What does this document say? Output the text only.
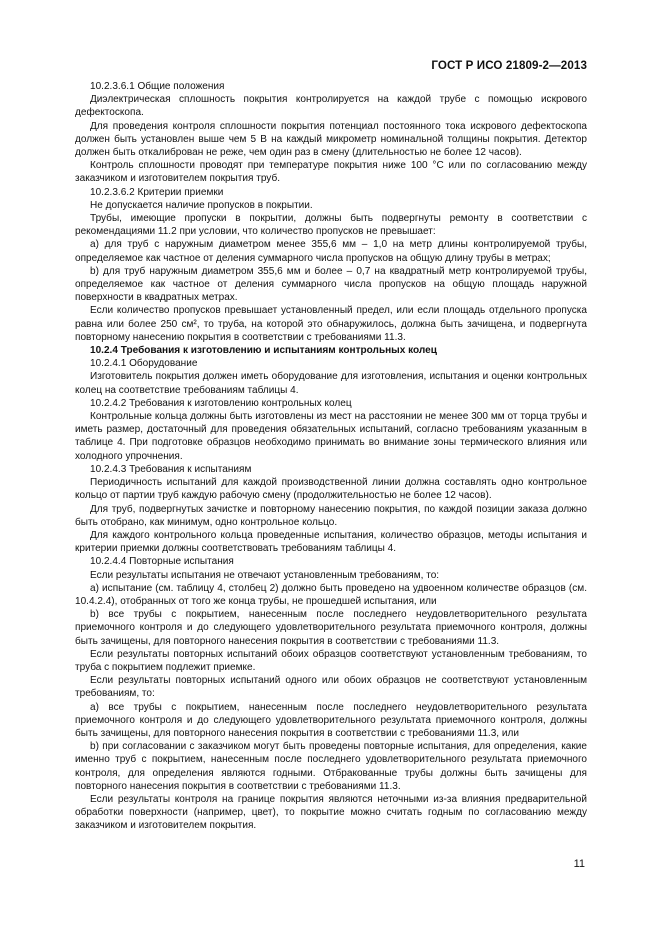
ГОСТ Р ИСО 21809-2—2013

10.2.3.6.1 Общие положения

Диэлектрическая сплошность покрытия контролируется на каждой трубе с помощью искрового дефектоскопа.

Для проведения контроля сплошности покрытия потенциал постоянного тока искрового дефектоскопа должен быть установлен выше чем 5 В на каждый микрометр номинальной толщины покрытия. Детектор должен быть откалиброван не реже, чем один раз в смену (длительностью не более 12 часов).

Контроль сплошности проводят при температуре покрытия ниже 100 °С или по согласованию между заказчиком и изготовителем покрытия труб.

10.2.3.6.2 Критерии приемки

Не допускается наличие пропусков в покрытии.

Трубы, имеющие пропуски в покрытии, должны быть подвергнуты ремонту в соответствии с рекомендациями 11.2 при условии, что количество пропусков не превышает:

a) для труб с наружным диаметром менее 355,6 мм – 1,0 на метр длины контролируемой трубы, определяемое как частное от деления суммарного числа пропусков на общую длину трубы в метрах;

b) для труб наружным диаметром 355,6 мм и более – 0,7 на квадратный метр контролируемой трубы, определяемое как частное от деления суммарного числа пропусков на общую площадь наружной поверхности в квадратных метрах.

Если количество пропусков превышает установленный предел, или если площадь отдельного пропуска равна или более 250 см², то труба, на которой это обнаружилось, должна быть зачищена, и подвергнута повторному нанесению покрытия в соответствии с требованиями 11.3.

10.2.4 Требования к изготовлению и испытаниям контрольных колец

10.2.4.1 Оборудование

Изготовитель покрытия должен иметь оборудование для изготовления, испытания и оценки контрольных колец на соответствие требованиям таблицы 4.

10.2.4.2 Требования к изготовлению контрольных колец

Контрольные кольца должны быть изготовлены из мест на расстоянии не менее 300 мм от торца трубы и иметь размер, достаточный для проведения обязательных испытаний, согласно требованиям указанным в таблице 4. При подготовке образцов необходимо принимать во внимание зоны термического влияния или холодного упрочнения.

10.2.4.3 Требования к испытаниям

Периодичность испытаний для каждой производственной линии должна составлять одно контрольное кольцо от партии труб каждую рабочую смену (продолжительностью не более 12 часов).

Для труб, подвергнутых зачистке и повторному нанесению покрытия, по каждой позиции заказа должно быть отобрано, как минимум, одно контрольное кольцо.

Для каждого контрольного кольца проведенные испытания, количество образцов, методы испытания и критерии приемки должны соответствовать требованиям таблицы 4.

10.2.4.4 Повторные испытания

Если результаты испытания не отвечают установленным требованиям, то:

a) испытание (см. таблицу 4, столбец 2) должно быть проведено на удвоенном количестве образцов (см. 10.4.2.4), отобранных от того же конца трубы, не прошедшей испытания, или

b) все трубы с покрытием, нанесенным после последнего неудовлетворительного результата приемочного контроля и до следующего удовлетворительного результата приемочного контроля, должны быть зачищены, для повторного нанесения покрытия в соответствии с требованиями 11.3.

Если результаты повторных испытаний обоих образцов соответствуют установленным требованиям, то труба с покрытием подлежит приемке.

Если результаты повторных испытаний одного или обоих образцов не соответствуют установленным требованиям, то:

a) все трубы с покрытием, нанесенным после последнего неудовлетворительного результата приемочного контроля и до следующего удовлетворительного результата приемочного контроля, должны быть зачищены, для повторного нанесения покрытия в соответствии с требованиями 11.3, или

b) при согласовании с заказчиком могут быть проведены повторные испытания, для определения, какие именно труб с покрытием, нанесенным после последнего удовлетворительного результата приемочного контроля, для определения являются годными. Отбракованные трубы должны быть зачищены для повторного нанесения покрытия в соответствии с требованиями 11.3.

Если результаты контроля на границе покрытия являются неточными из-за влияния предварительной обработки поверхности (например, цвет), то покрытие можно считать годным по согласованию между заказчиком и изготовителем покрытия.

11
